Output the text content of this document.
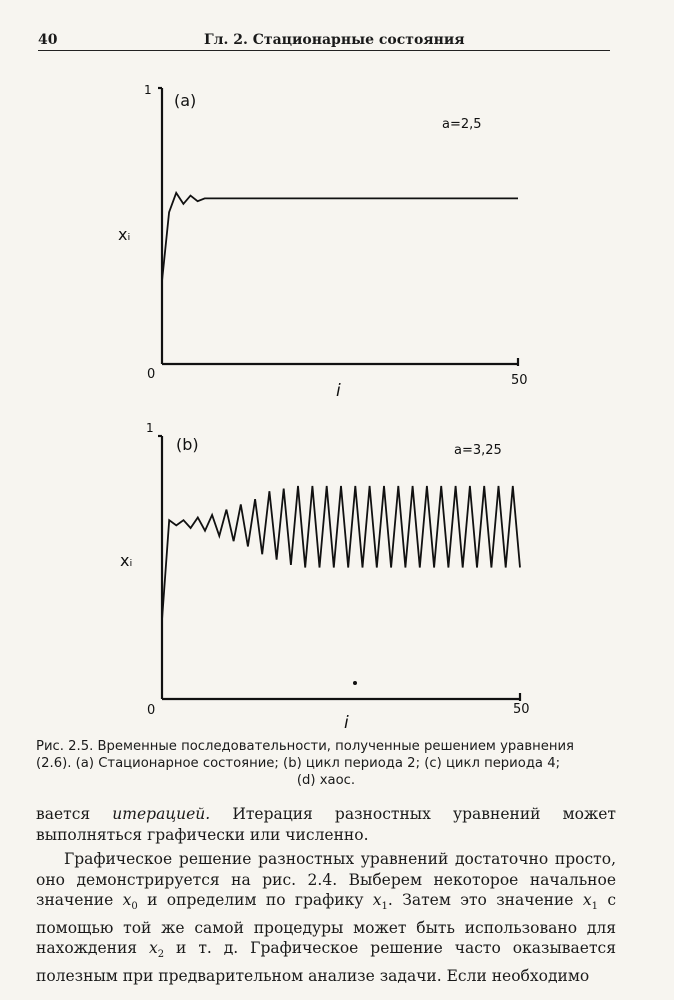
40	Гл. 2. Стационарные состояния
1
0	50
(a)
a=2,5
xᵢ
i
1
0	50
(b)	a=3,25
xᵢ
i
Рис. 2.5. Временные последовательности, полученные решением уравнения
(2.6). (a) Стационарное состояние; (b) цикл периода 2; (c) цикл периода 4;
(d) хаос.

вается итерацией. Итерация разностных уравнений может выполняться графически или численно.

Графическое решение разностных уравнений достаточно просто, оно демонстрируется на рис. 2.4. Выберем некоторое начальное значение $x_0$ и определим по графику $x_1$. Затем это значение $x_1$ с помощью той же самой процедуры может быть использовано для нахождения $x_2$ и т. д. Графическое решение часто оказывается полезным при предварительном анализе задачи. Если необходимо
